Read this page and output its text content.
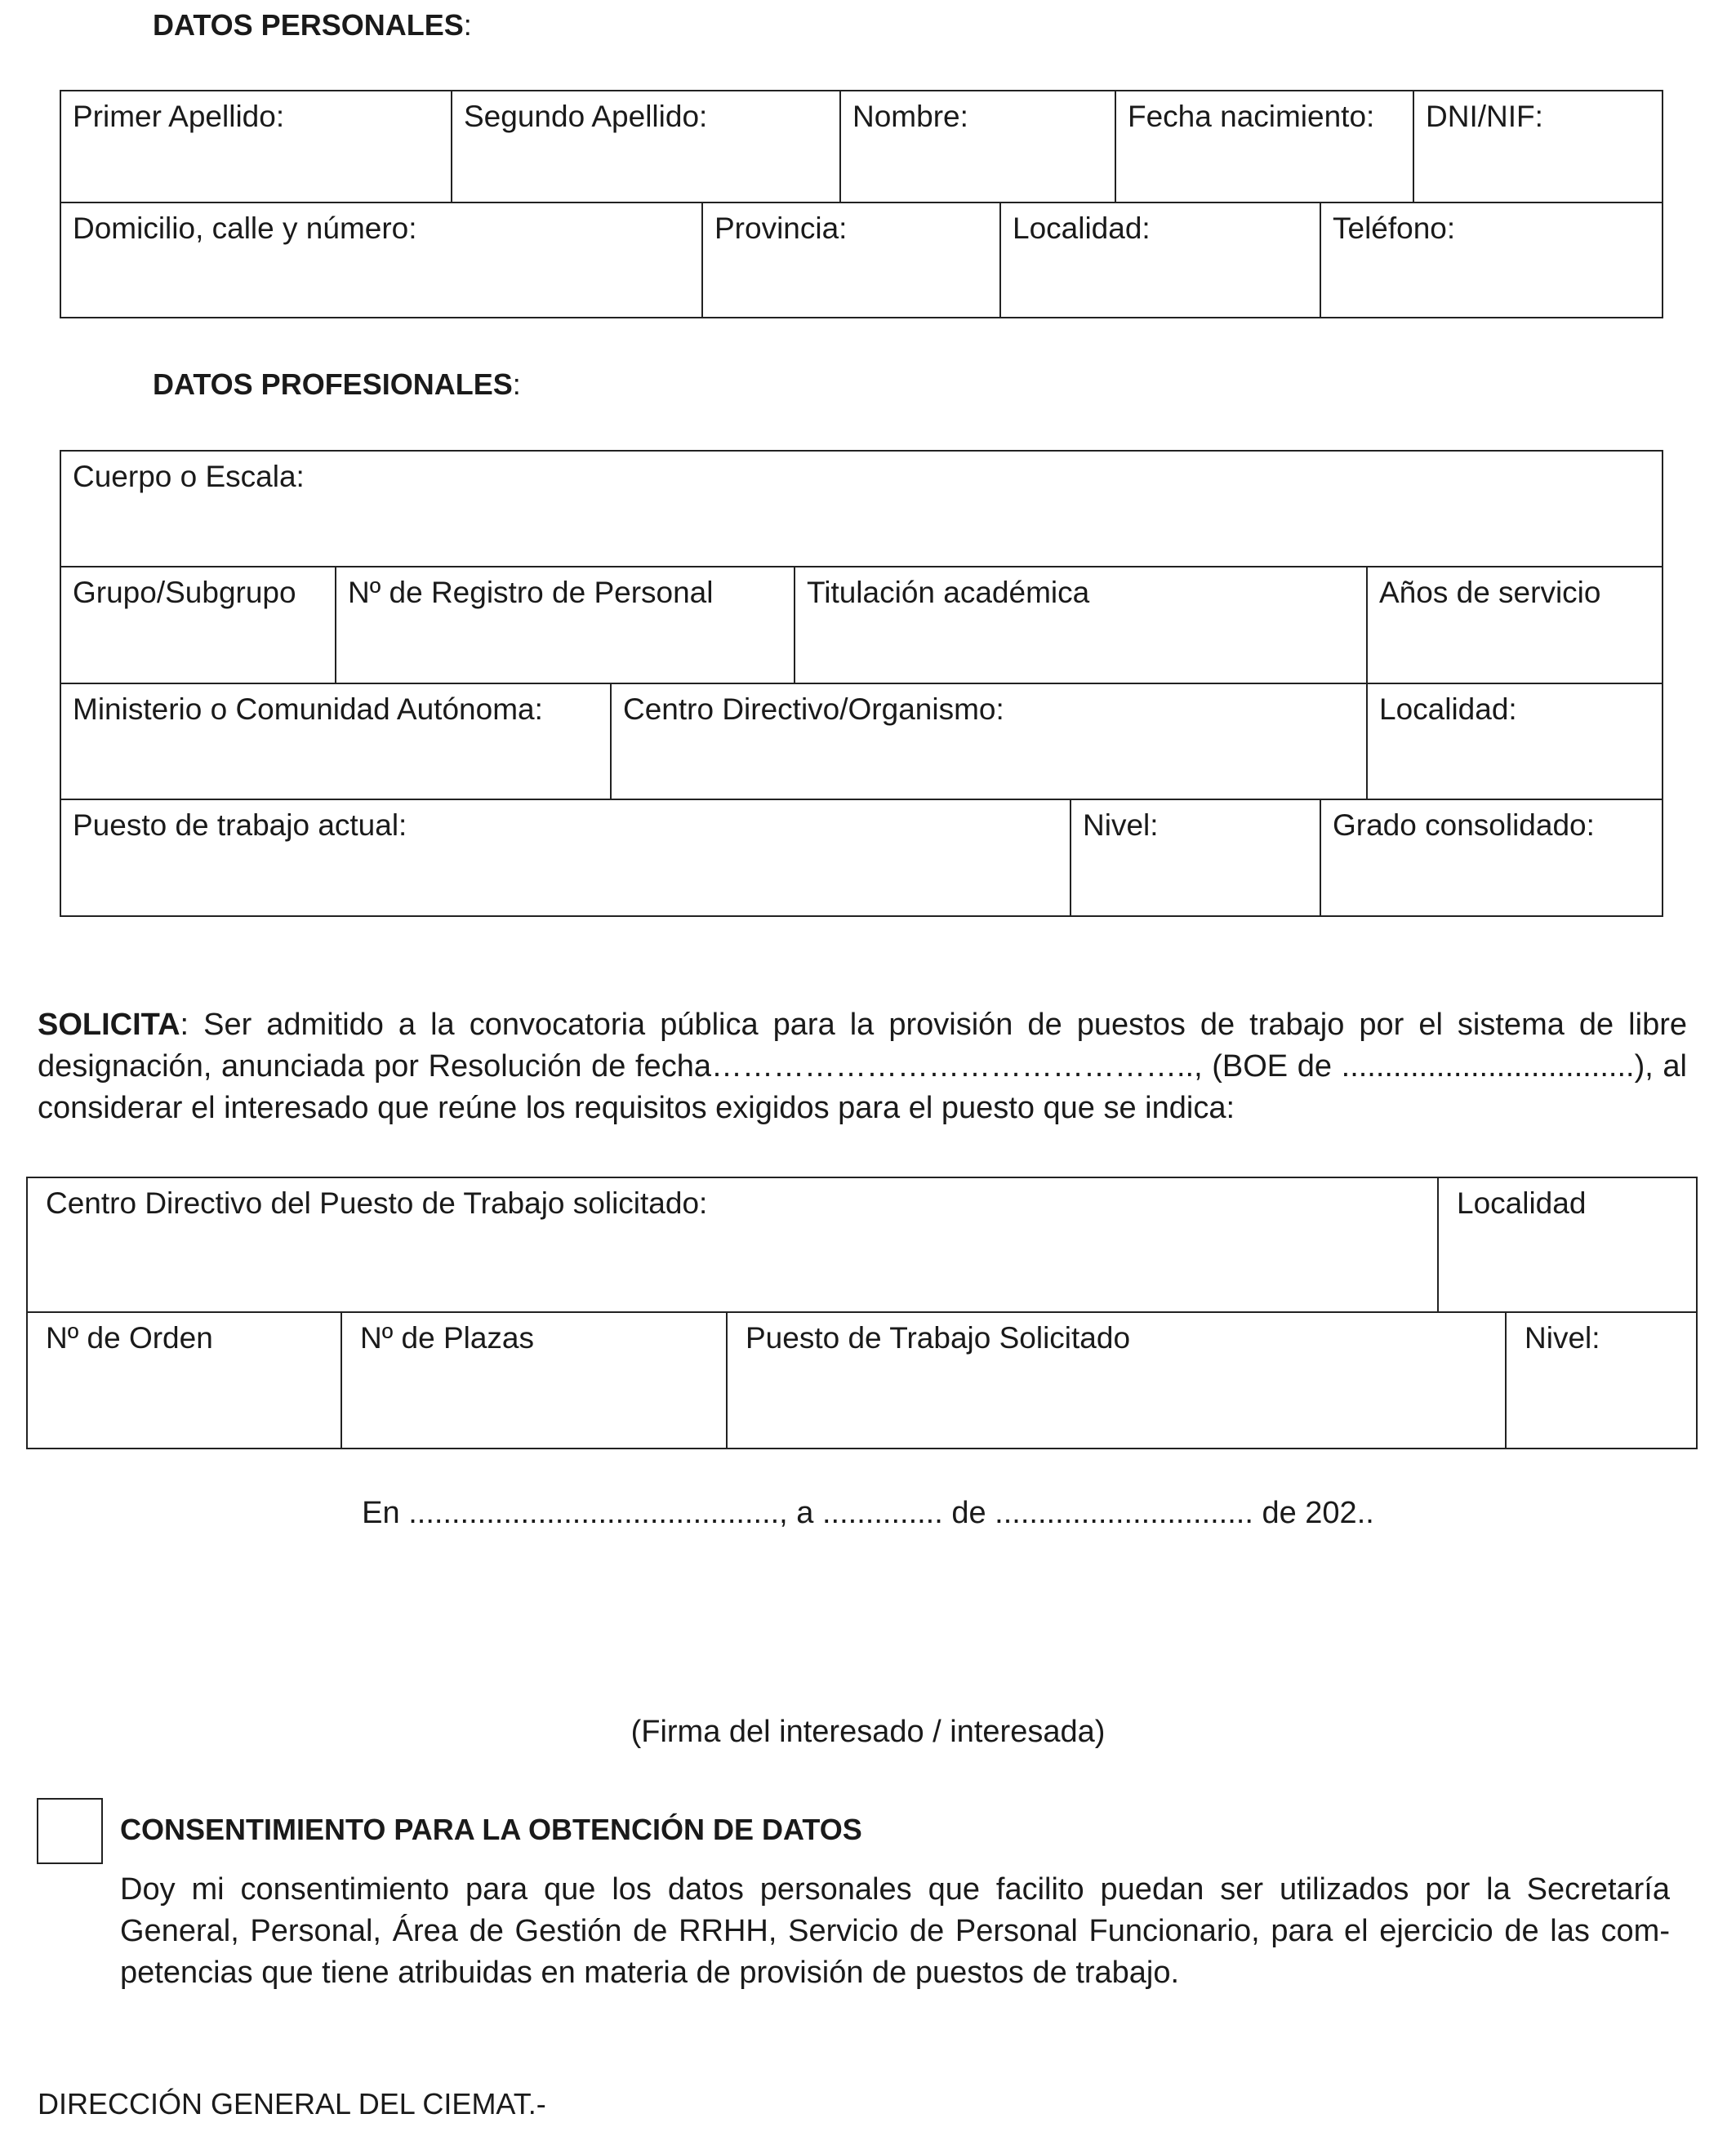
DATOS PERSONALES:
Primer Apellido:	Segundo Apellido:	Nombre:	Fecha nacimiento:	DNI/NIF:
Domicilio, calle y número:	Provincia:	Localidad:	Teléfono:
DATOS PROFESIONALES:
Cuerpo o Escala:
Grupo/Subgrupo	Nº de Registro de Personal	Titulación académica	Años de servicio
Ministerio o Comunidad Autónoma:	Centro Directivo/Organismo:	Localidad:
Puesto de trabajo actual:	Nivel:	Grado consolidado:
SOLICITA: Ser admitido a la convocatoria pública para la provisión de puestos de trabajo por el sistema de libre
designación, anunciada por Resolución de fecha……………………………………….., (BOE de ..................................), al
considerar el interesado que reúne los requisitos exigidos para el puesto que se indica:
Centro Directivo del Puesto de Trabajo solicitado:	Localidad
Nº de Orden	Nº de Plazas	Puesto de Trabajo Solicitado	Nivel:
En ..........................................., a .............. de .............................. de 202..
(Firma del interesado / interesada)
CONSENTIMIENTO PARA LA OBTENCIÓN DE DATOS
Doy mi consentimiento para que los datos personales que facilito puedan ser utilizados por la Secretaría
General, Personal, Área de Gestión de RRHH, Servicio de Personal Funcionario, para el ejercicio de las com-
petencias que tiene atribuidas en materia de provisión de puestos de trabajo.
DIRECCIÓN GENERAL DEL CIEMAT.-
